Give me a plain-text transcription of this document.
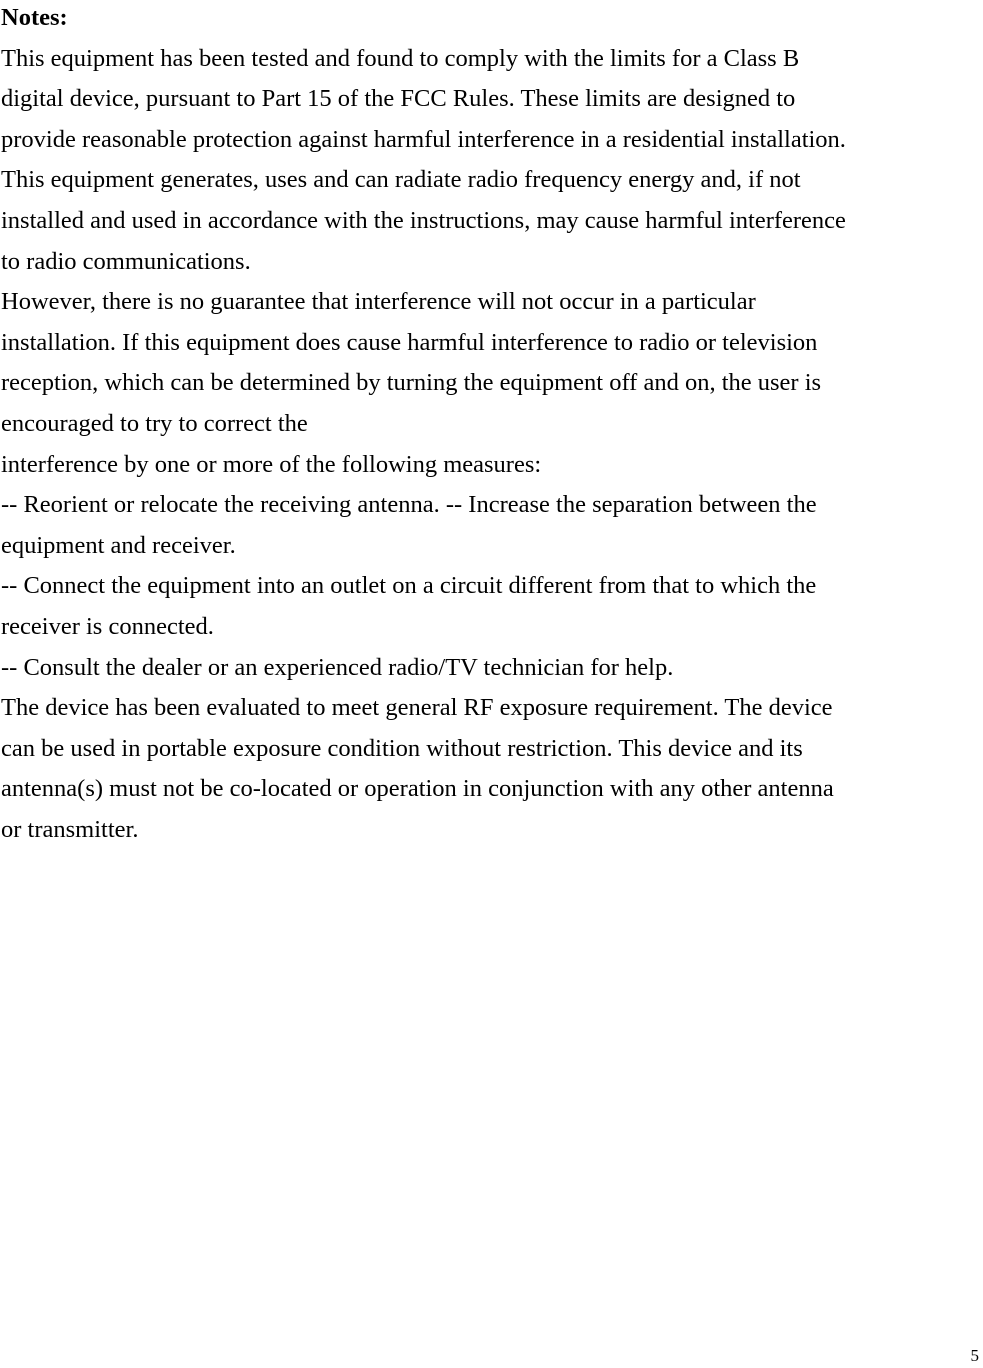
Notes:
This equipment has been tested and found to comply with the limits for a Class B
digital device, pursuant to Part 15 of the FCC Rules. These limits are designed to
provide reasonable protection against harmful interference in a residential installation.
This equipment generates, uses and can radiate radio frequency energy and, if not
installed and used in accordance with the instructions, may cause harmful interference
to radio communications.
However, there is no guarantee that interference will not occur in a particular
installation. If this equipment does cause harmful interference to radio or television
reception, which can be determined by turning the equipment off and on, the user is
encouraged to try to correct the
interference by one or more of the following measures:
-- Reorient or relocate the receiving antenna. -- Increase the separation between the
equipment and receiver.
-- Connect the equipment into an outlet on a circuit different from that to which the
receiver is connected.
-- Consult the dealer or an experienced radio/TV technician for help.
The device has been evaluated to meet general RF exposure requirement. The device
can be used in portable exposure condition without restriction. This device and its
antenna(s) must not be co-located or operation in conjunction with any other antenna
or transmitter.
5
